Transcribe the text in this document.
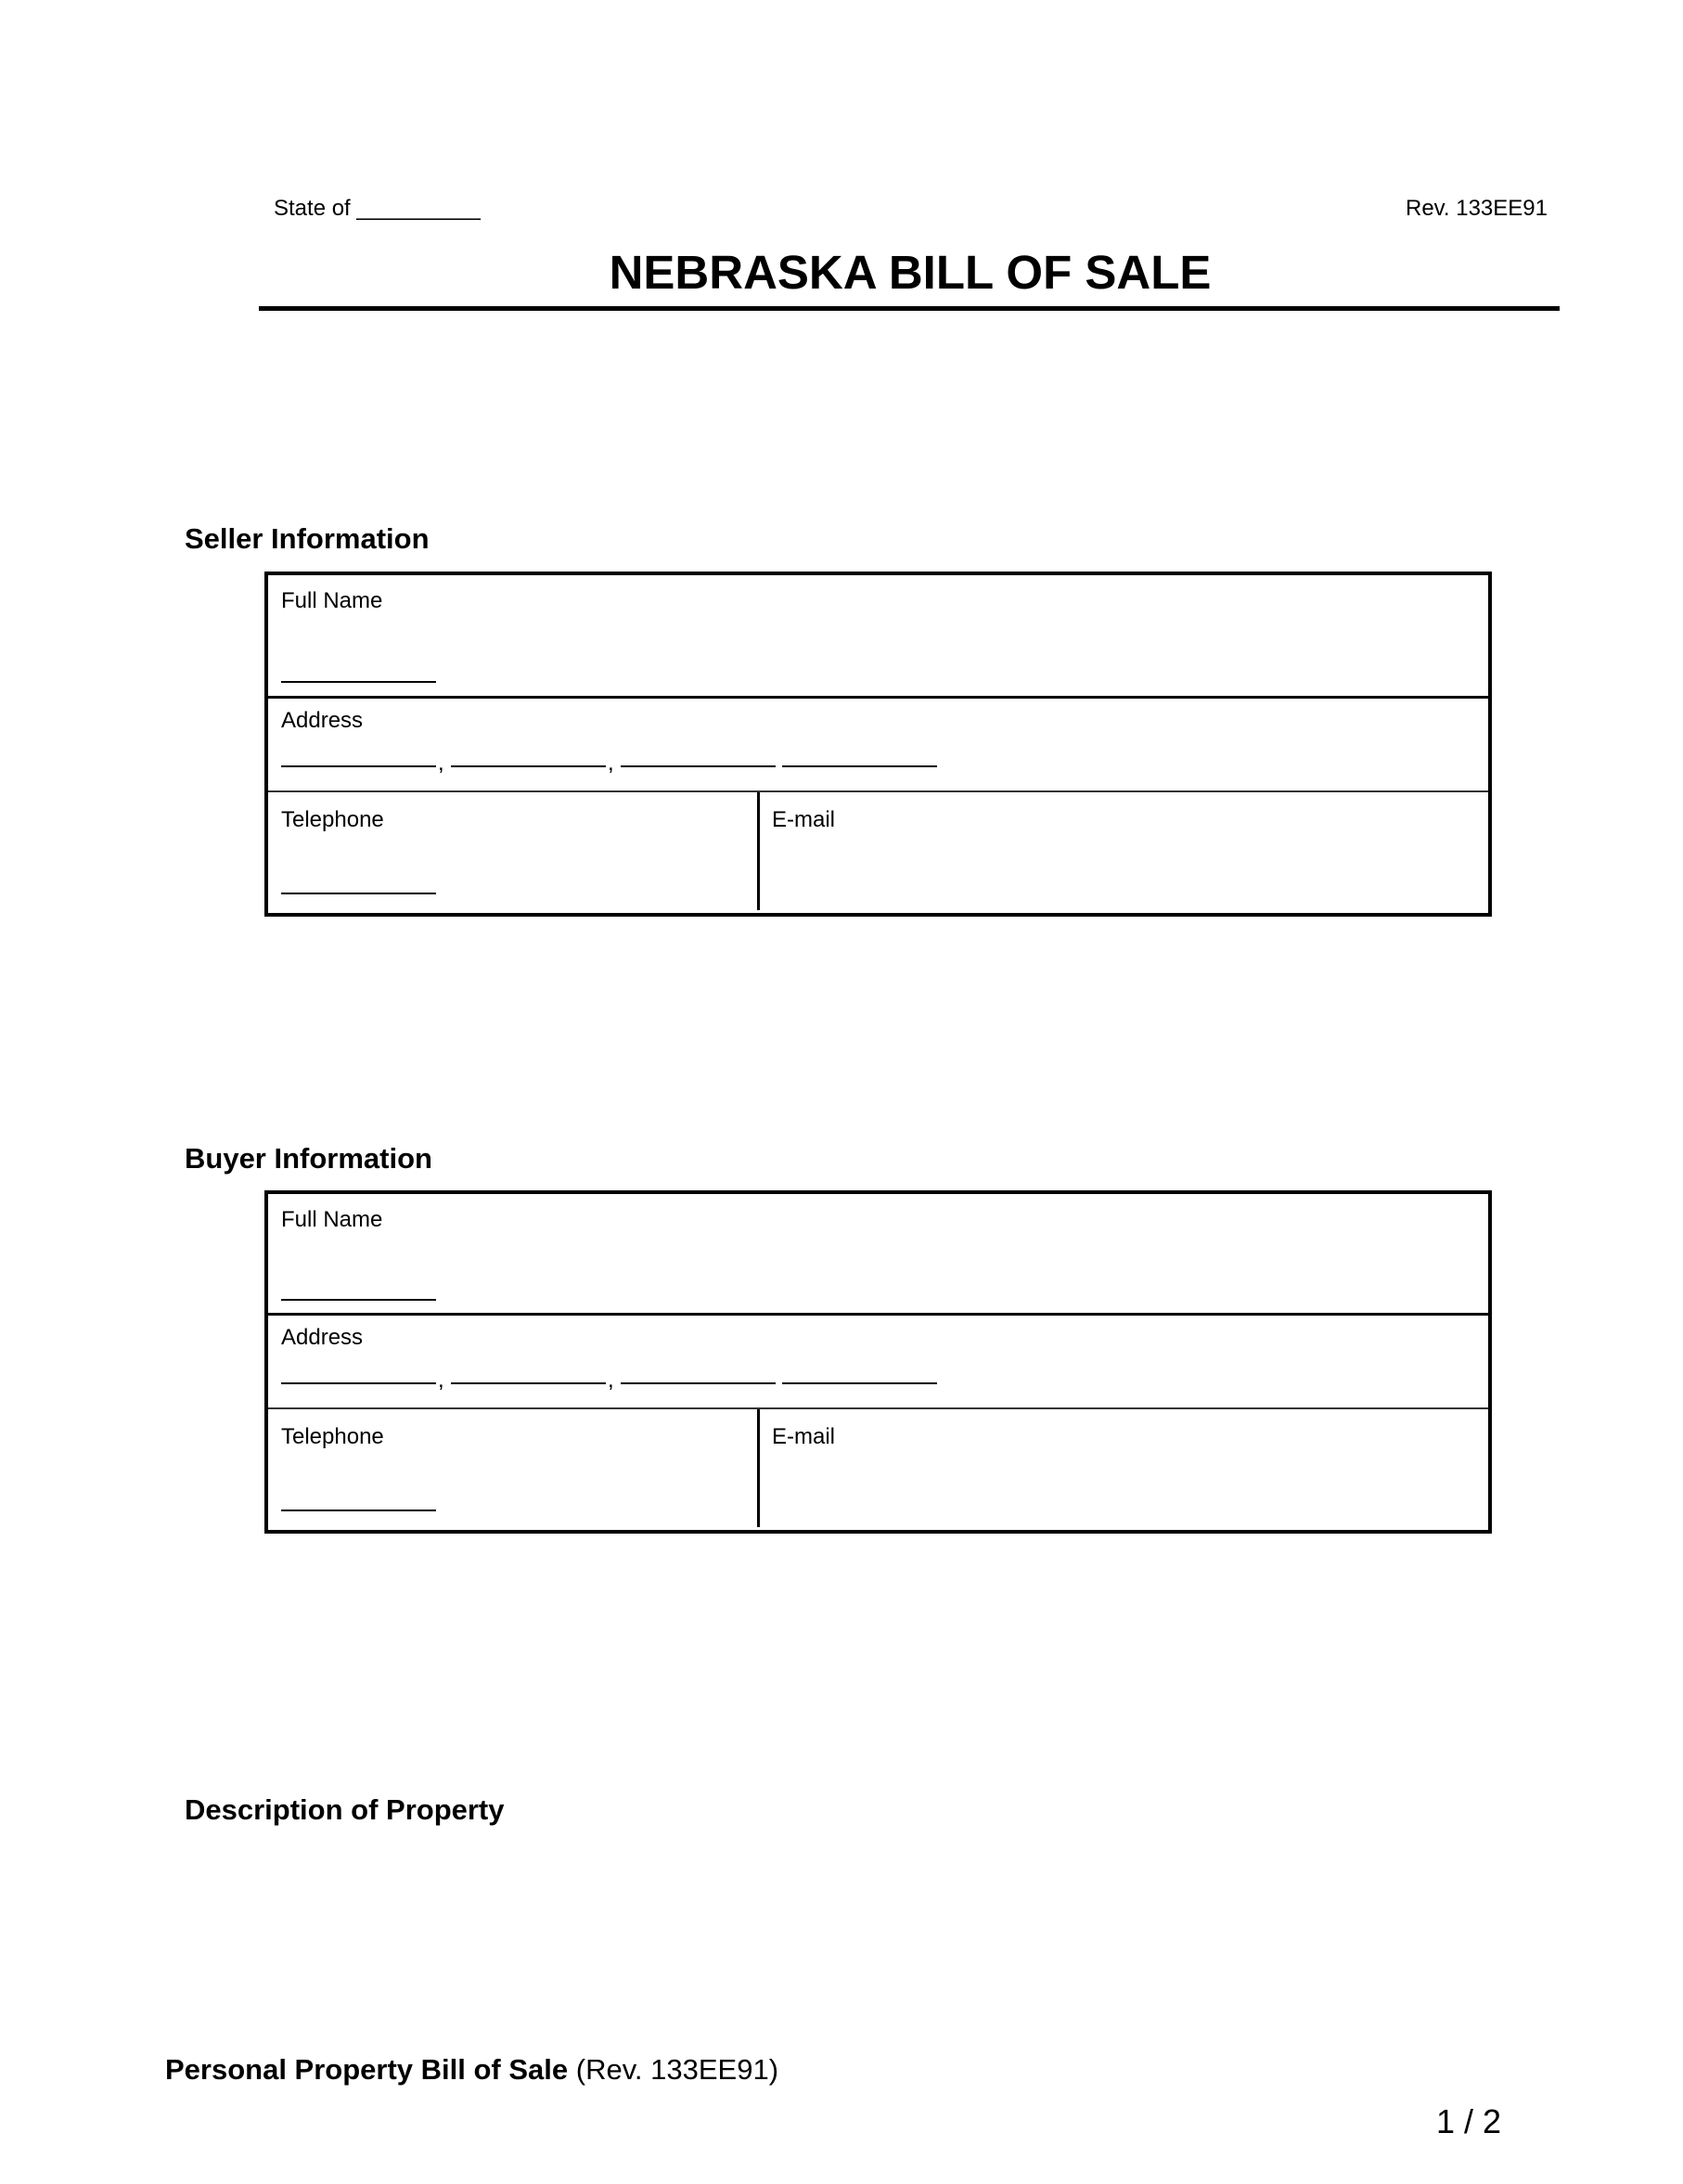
State of __________	Rev. 133EE91
NEBRASKA BILL OF SALE
Seller Information
Full Name
Address
,	,
Telephone	E-mail
Buyer Information
Full Name
Address
,	,
Telephone	E-mail
Description of Property
Personal Property Bill of Sale (Rev. 133EE91)
1 / 2
